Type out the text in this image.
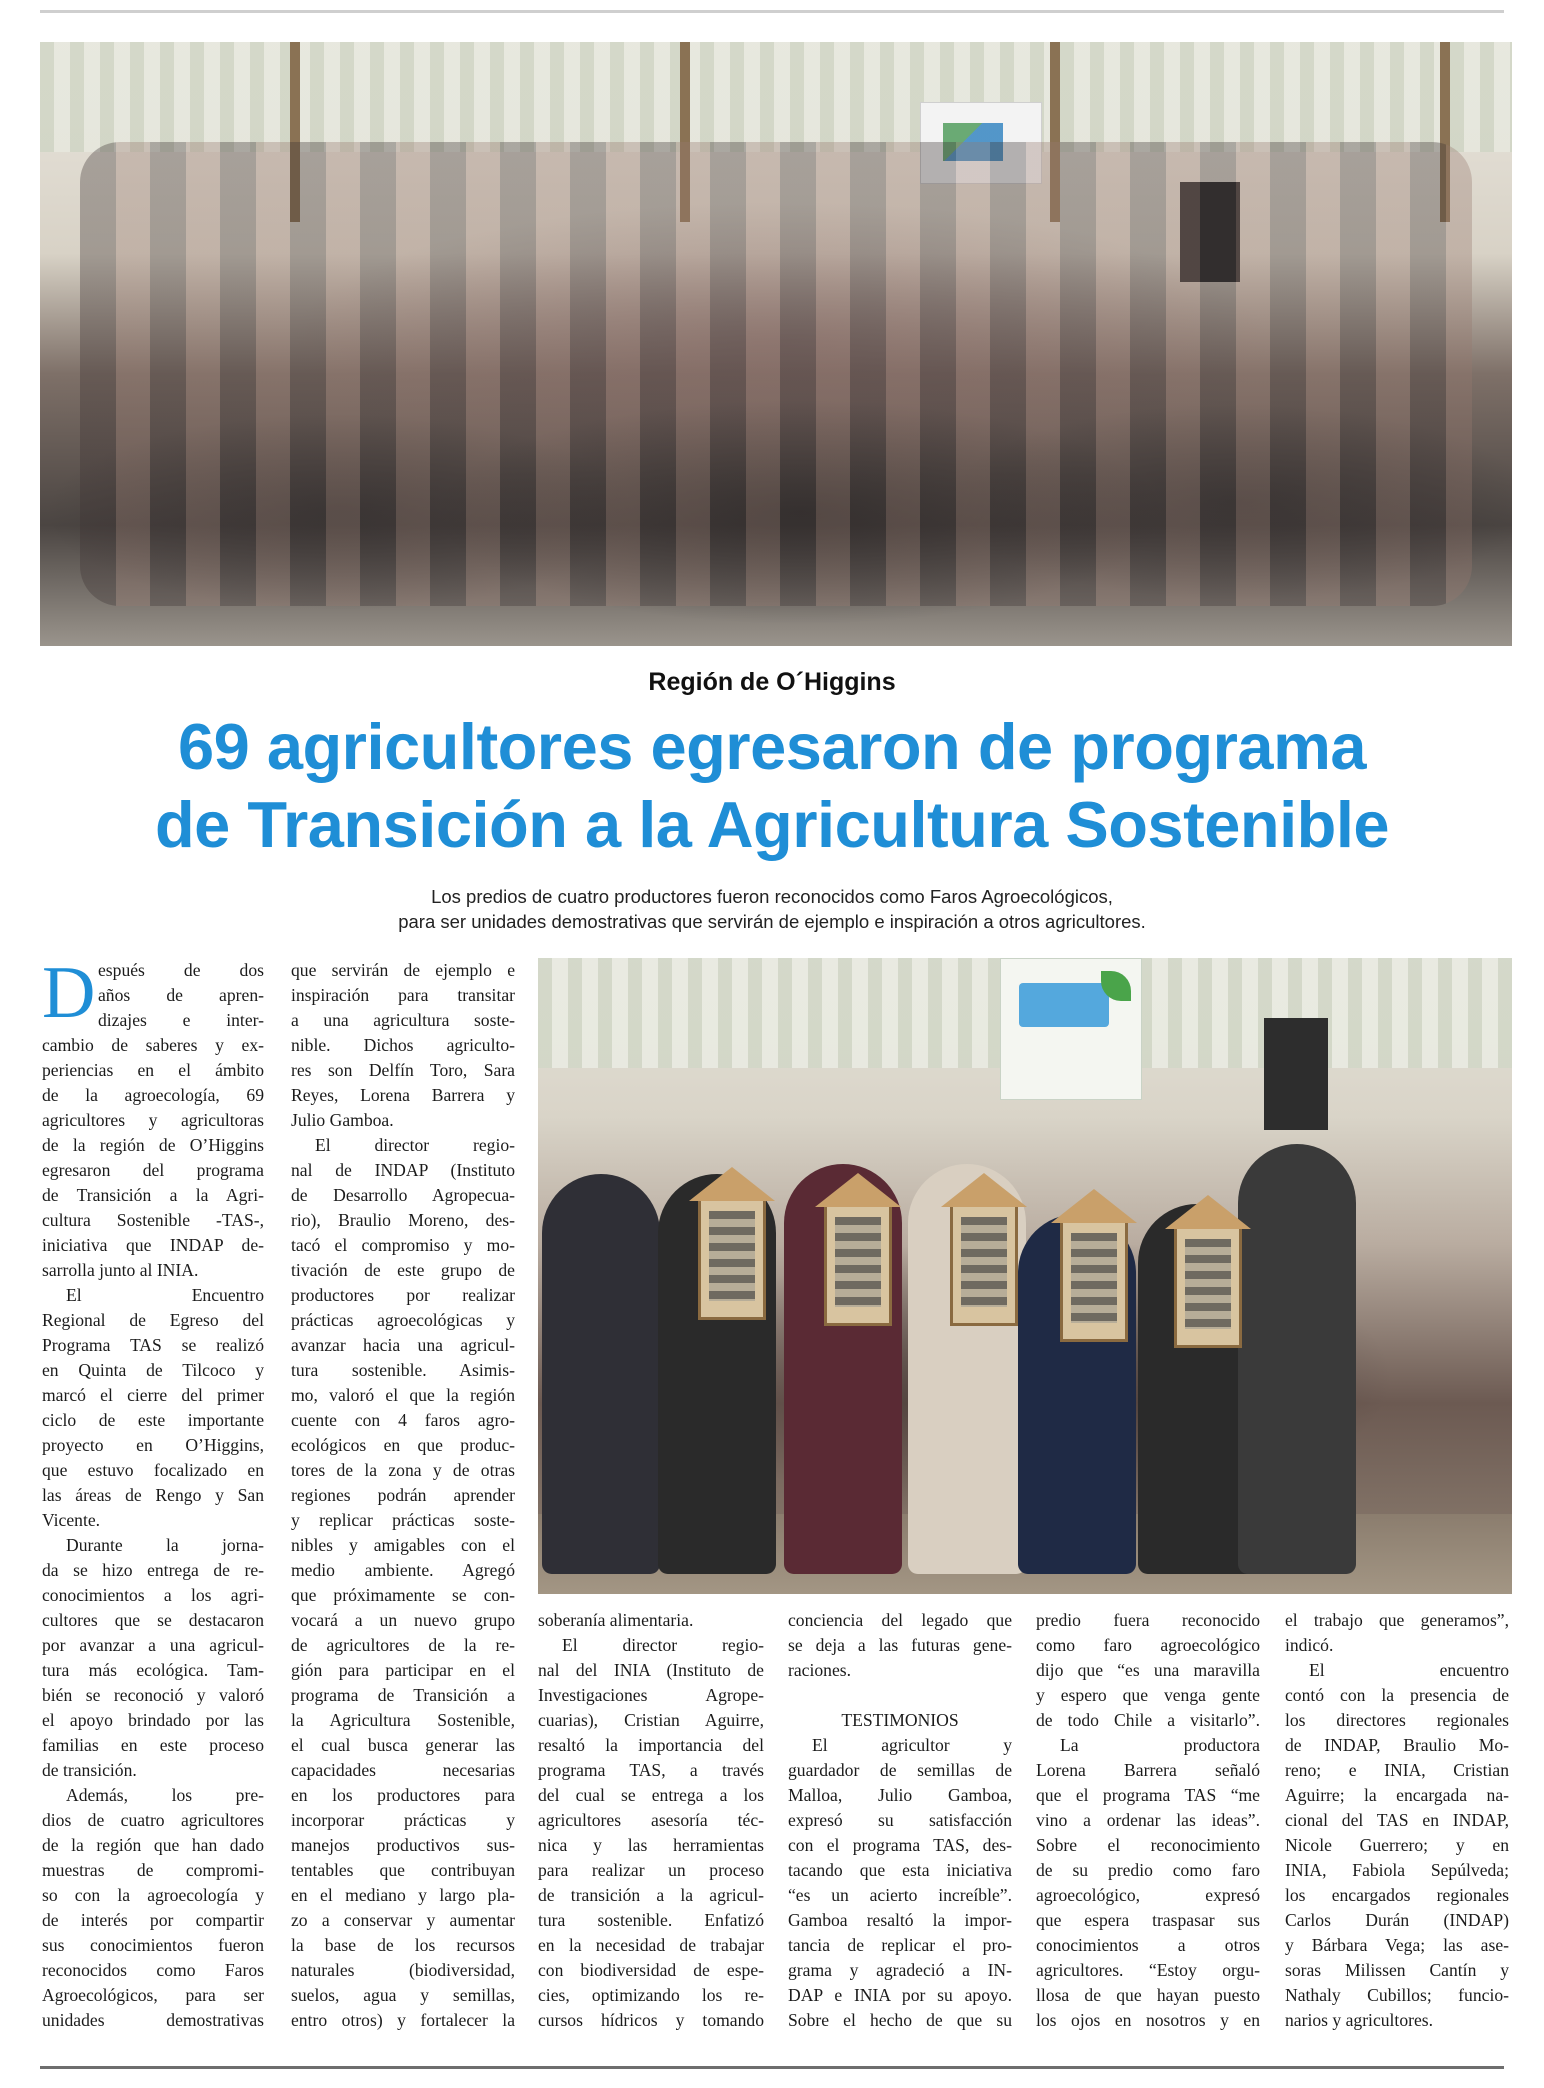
Región de O´Higgins
69 agricultores egresaron de programa
de Transición a la Agricultura Sostenible
Los predios de cuatro productores fueron reconocidos como Faros Agroecológicos,
para ser unidades demostrativas que servirán de ejemplo e inspiración a otros agricultores.
D espués de dos
años de apren-
dizajes e inter-
cambio de saberes y ex-
periencias en el ámbito
de la agroecología, 69
agricultores y agricultoras
de la región de O’Higgins
egresaron del programa
de Transición a la Agri-
cultura Sostenible -TAS-,
iniciativa que INDAP de-
sarrolla junto al INIA.
El Encuentro
Regional de Egreso del
Programa TAS se realizó
en Quinta de Tilcoco y
marcó el cierre del primer
ciclo de este importante
proyecto en O’Higgins,
que estuvo focalizado en
las áreas de Rengo y San
Vicente.
Durante la jorna-
da se hizo entrega de re-
conocimientos a los agri-
cultores que se destacaron
por avanzar a una agricul-
tura más ecológica. Tam-
bién se reconoció y valoró
el apoyo brindado por las
familias en este proceso
de transición.
Además, los pre-
dios de cuatro agricultores
de la región que han dado
muestras de compromi-
so con la agroecología y
de interés por compartir
sus conocimientos fueron
reconocidos como Faros
Agroecológicos, para ser
unidades demostrativas
que servirán de ejemplo e
inspiración para transitar
a una agricultura soste-
nible. Dichos agriculto-
res son Delfín Toro, Sara
Reyes, Lorena Barrera y
Julio Gamboa.
El director regio-
nal de INDAP (Instituto
de Desarrollo Agropecua-
rio), Braulio Moreno, des-
tacó el compromiso y mo-
tivación de este grupo de
productores por realizar
prácticas agroecológicas y
avanzar hacia una agricul-
tura sostenible. Asimis-
mo, valoró el que la región
cuente con 4 faros agro-
ecológicos en que produc-
tores de la zona y de otras
regiones podrán aprender
y replicar prácticas soste-
nibles y amigables con el
medio ambiente. Agregó
que próximamente se con-
vocará a un nuevo grupo
de agricultores de la re-
gión para participar en el
programa de Transición a
la Agricultura Sostenible,
el cual busca generar las
capacidades necesarias
en los productores para
incorporar prácticas y
manejos productivos sus-
tentables que contribuyan
en el mediano y largo pla-
zo a conservar y aumentar
la base de los recursos
naturales (biodiversidad,
suelos, agua y semillas,
entro otros) y fortalecer la
soberanía alimentaria.
El director regio-
nal del INIA (Instituto de
Investigaciones Agrope-
cuarias), Cristian Aguirre,
resaltó la importancia del
programa TAS, a través
del cual se entrega a los
agricultores asesoría téc-
nica y las herramientas
para realizar un proceso
de transición a la agricul-
tura sostenible. Enfatizó
en la necesidad de trabajar
con biodiversidad de espe-
cies, optimizando los re-
cursos hídricos y tomando
conciencia del legado que
se deja a las futuras gene-
raciones.
TESTIMONIOS
El agricultor y
guardador de semillas de
Malloa, Julio Gamboa,
expresó su satisfacción
con el programa TAS, des-
tacando que esta iniciativa
“es un acierto increíble”.
Gamboa resaltó la impor-
tancia de replicar el pro-
grama y agradeció a IN-
DAP e INIA por su apoyo.
Sobre el hecho de que su
predio fuera reconocido
como faro agroecológico
dijo que “es una maravilla
y espero que venga gente
de todo Chile a visitarlo”.
La productora
Lorena Barrera señaló
que el programa TAS “me
vino a ordenar las ideas”.
Sobre el reconocimiento
de su predio como faro
agroecológico, expresó
que espera traspasar sus
conocimientos a otros
agricultores. “Estoy orgu-
llosa de que hayan puesto
los ojos en nosotros y en
el trabajo que generamos”,
indicó.
El encuentro
contó con la presencia de
los directores regionales
de INDAP, Braulio Mo-
reno; e INIA, Cristian
Aguirre; la encargada na-
cional del TAS en INDAP,
Nicole Guerrero; y en
INIA, Fabiola Sepúlveda;
los encargados regionales
Carlos Durán (INDAP)
y Bárbara Vega; las ase-
soras Milissen Cantín y
Nathaly Cubillos; funcio-
narios y agricultores.
